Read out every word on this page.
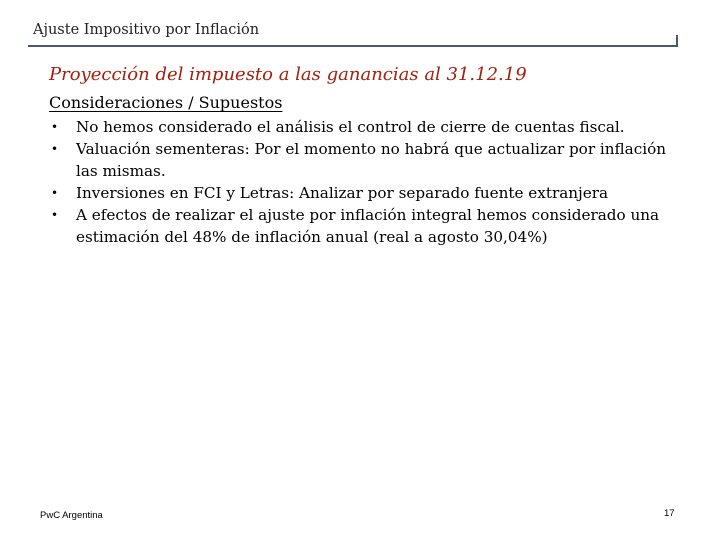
Ajuste Impositivo por Inflación
Proyección del impuesto a las ganancias al 31.12.19
Consideraciones / Supuestos
• No hemos considerado el análisis el control de cierre de cuentas fiscal.
• Valuación sementeras: Por el momento no habrá que actualizar por inflación las mismas.
• Inversiones en FCI y Letras: Analizar por separado fuente extranjera
• A efectos de realizar el ajuste por inflación integral hemos considerado una estimación del 48% de inflación anual (real a agosto 30,04%)
PwC Argentina	17
